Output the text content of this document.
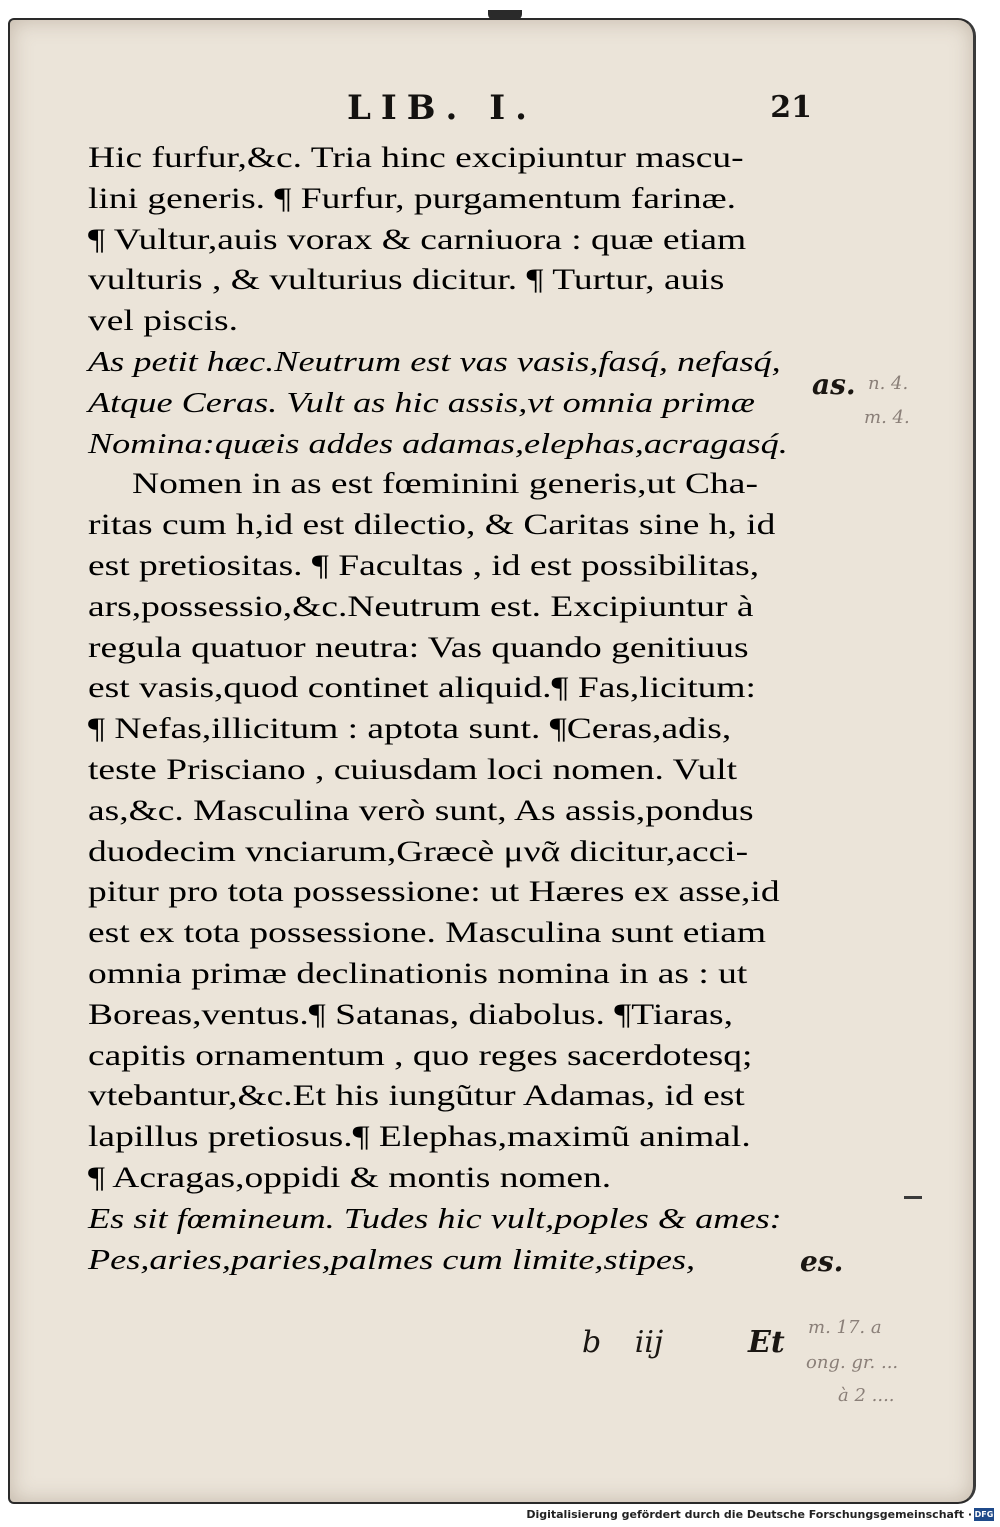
LIB. I.	21
Hic furfur,&c. Tria hinc excipiuntur mascu-
lini generis. ¶ Furfur, purgamentum farinæ.
¶ Vultur,auis vorax & carniuora : quæ etiam
vulturis , & vulturius dicitur. ¶ Turtur, auis
vel piscis.
As petit hæc.Neutrum est vas vasis,fasq́, nefasq́,
Atque Ceras. Vult as hic assis,vt omnia primæ
Nomina:quæis addes adamas,elephas,acragasq́.
Nomen in as est fœminini generis,ut Cha-
ritas cum h,id est dilectio, & Caritas sine h, id
est pretiositas. ¶ Facultas , id est possibilitas,
ars,possessio,&c.Neutrum est. Excipiuntur à
regula quatuor neutra: Vas quando genitiuus
est vasis,quod continet aliquid.¶ Fas,licitum:
¶ Nefas,illicitum : aptota sunt. ¶Ceras,adis,
teste Prisciano , cuiusdam loci nomen. Vult
as,&c. Masculina verò sunt, As assis,pondus
duodecim vnciarum,Græcè μνᾶ dicitur,acci-
pitur pro tota possessione: ut Hæres ex asse,id
est ex tota possessione. Masculina sunt etiam
omnia primæ declinationis nomina in as : ut
Boreas,ventus.¶ Satanas, diabolus. ¶Tiaras,
capitis ornamentum , quo reges sacerdotesq;
vtebantur,&c.Et his iungũtur Adamas, id est
lapillus pretiosus.¶ Elephas,maximũ animal.
¶ Acragas,oppidi & montis nomen.
Es sit fœmineum. Tudes hic vult,poples & ames:
Pes,aries,paries,palmes cum limite,stipes,
as.
es.
n. 4.
m. 4.
m. 17. a
ong. gr. ...
à 2 ....
b iij	Et
Digitalisierung gefördert durch die Deutsche Forschungsgemeinschaft · DFG
